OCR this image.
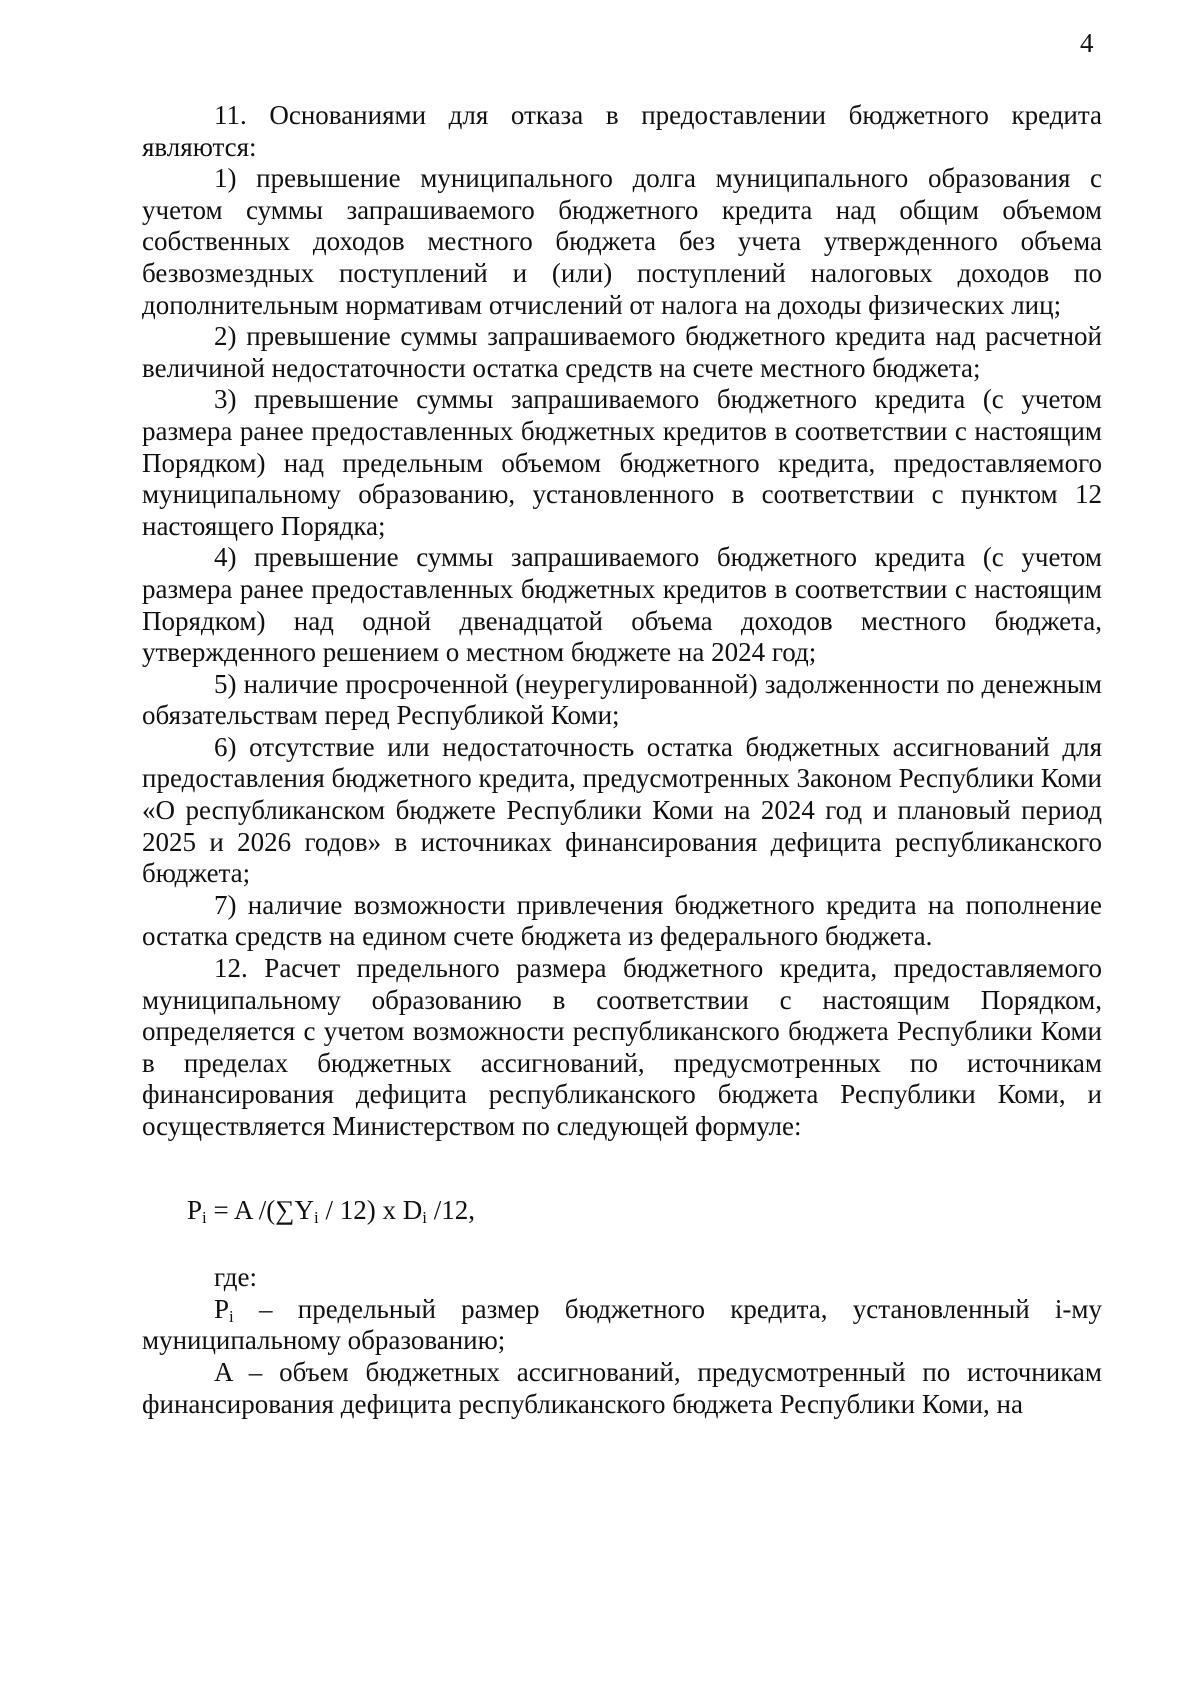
4

11. Основаниями для отказа в предоставлении бюджетного кредита являются:

1) превышение муниципального долга муниципального образования с учетом суммы запрашиваемого бюджетного кредита над общим объемом собственных доходов местного бюджета без учета утвержденного объема безвозмездных поступлений и (или) поступлений налоговых доходов по дополнительным нормативам отчислений от налога на доходы физических лиц;

2) превышение суммы запрашиваемого бюджетного кредита над расчетной величиной недостаточности остатка средств на счете местного бюджета;

3) превышение суммы запрашиваемого бюджетного кредита (с учетом размера ранее предоставленных бюджетных кредитов в соответствии с настоящим Порядком) над предельным объемом бюджетного кредита, предоставляемого муниципальному образованию, установленного в соответствии с пунктом 12 настоящего Порядка;

4) превышение суммы запрашиваемого бюджетного кредита (с учетом размера ранее предоставленных бюджетных кредитов в соответствии с настоящим Порядком) над одной двенадцатой объема доходов местного бюджета, утвержденного решением о местном бюджете на 2024 год;

5) наличие просроченной (неурегулированной) задолженности по денежным обязательствам перед Республикой Коми;

6) отсутствие или недостаточность остатка бюджетных ассигнований для предоставления бюджетного кредита, предусмотренных Законом Республики Коми «О республиканском бюджете Республики Коми на 2024 год и плановый период 2025 и 2026 годов» в источниках финансирования дефицита республиканского бюджета;

7) наличие возможности привлечения бюджетного кредита на пополнение остатка средств на едином счете бюджета из федерального бюджета.

12. Расчет предельного размера бюджетного кредита, предоставляемого муниципальному образованию в соответствии с настоящим Порядком, определяется с учетом возможности республиканского бюджета Республики Коми в пределах бюджетных ассигнований, предусмотренных по источникам финансирования дефицита республиканского бюджета Республики Коми, и осуществляется Министерством по следующей формуле:

$P_i = A$ $/(\sum Y_i / 12)$ x $D_i$ /12,

где:

$P_i$ – предельный размер бюджетного кредита, установленный i-му муниципальному образованию;

A – объем бюджетных ассигнований, предусмотренный по источникам финансирования дефицита республиканского бюджета Республики Коми, на
